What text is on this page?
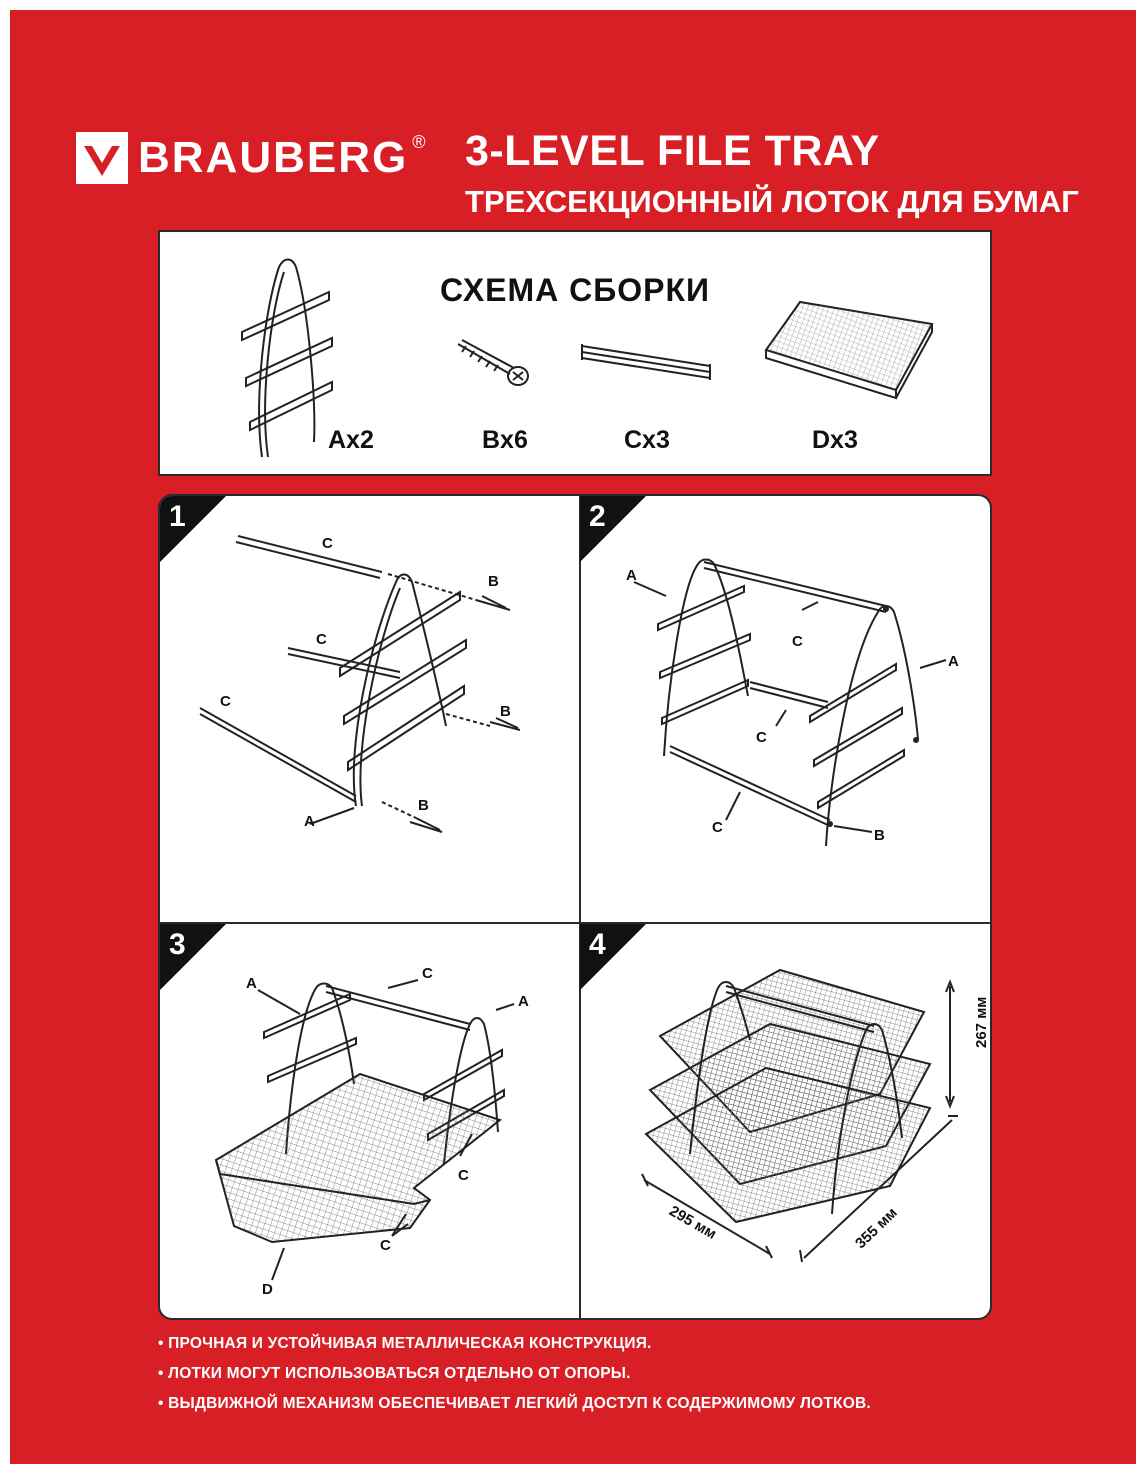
BRAUBERG ® 3-LEVEL FILE TRAY
ТРЕХСЕКЦИОННЫЙ ЛОТОК ДЛЯ БУМАГ
СХЕМА СБОРКИ
Ax2	Bx6	Cx3	Dx3
1
C
C
C
B
B
B
A
2
A
A
C
C
C	B
3
A
A
C
C
C
D
4
267 мм
295 мм	355 мм
• ПРОЧНАЯ И УСТОЙЧИВАЯ МЕТАЛЛИЧЕСКАЯ КОНСТРУКЦИЯ.
• ЛОТКИ МОГУТ ИСПОЛЬЗОВАТЬСЯ ОТДЕЛЬНО ОТ ОПОРЫ.
• ВЫДВИЖНОЙ МЕХАНИЗМ ОБЕСПЕЧИВАЕТ ЛЕГКИЙ ДОСТУП К СОДЕРЖИМОМУ ЛОТКОВ.
